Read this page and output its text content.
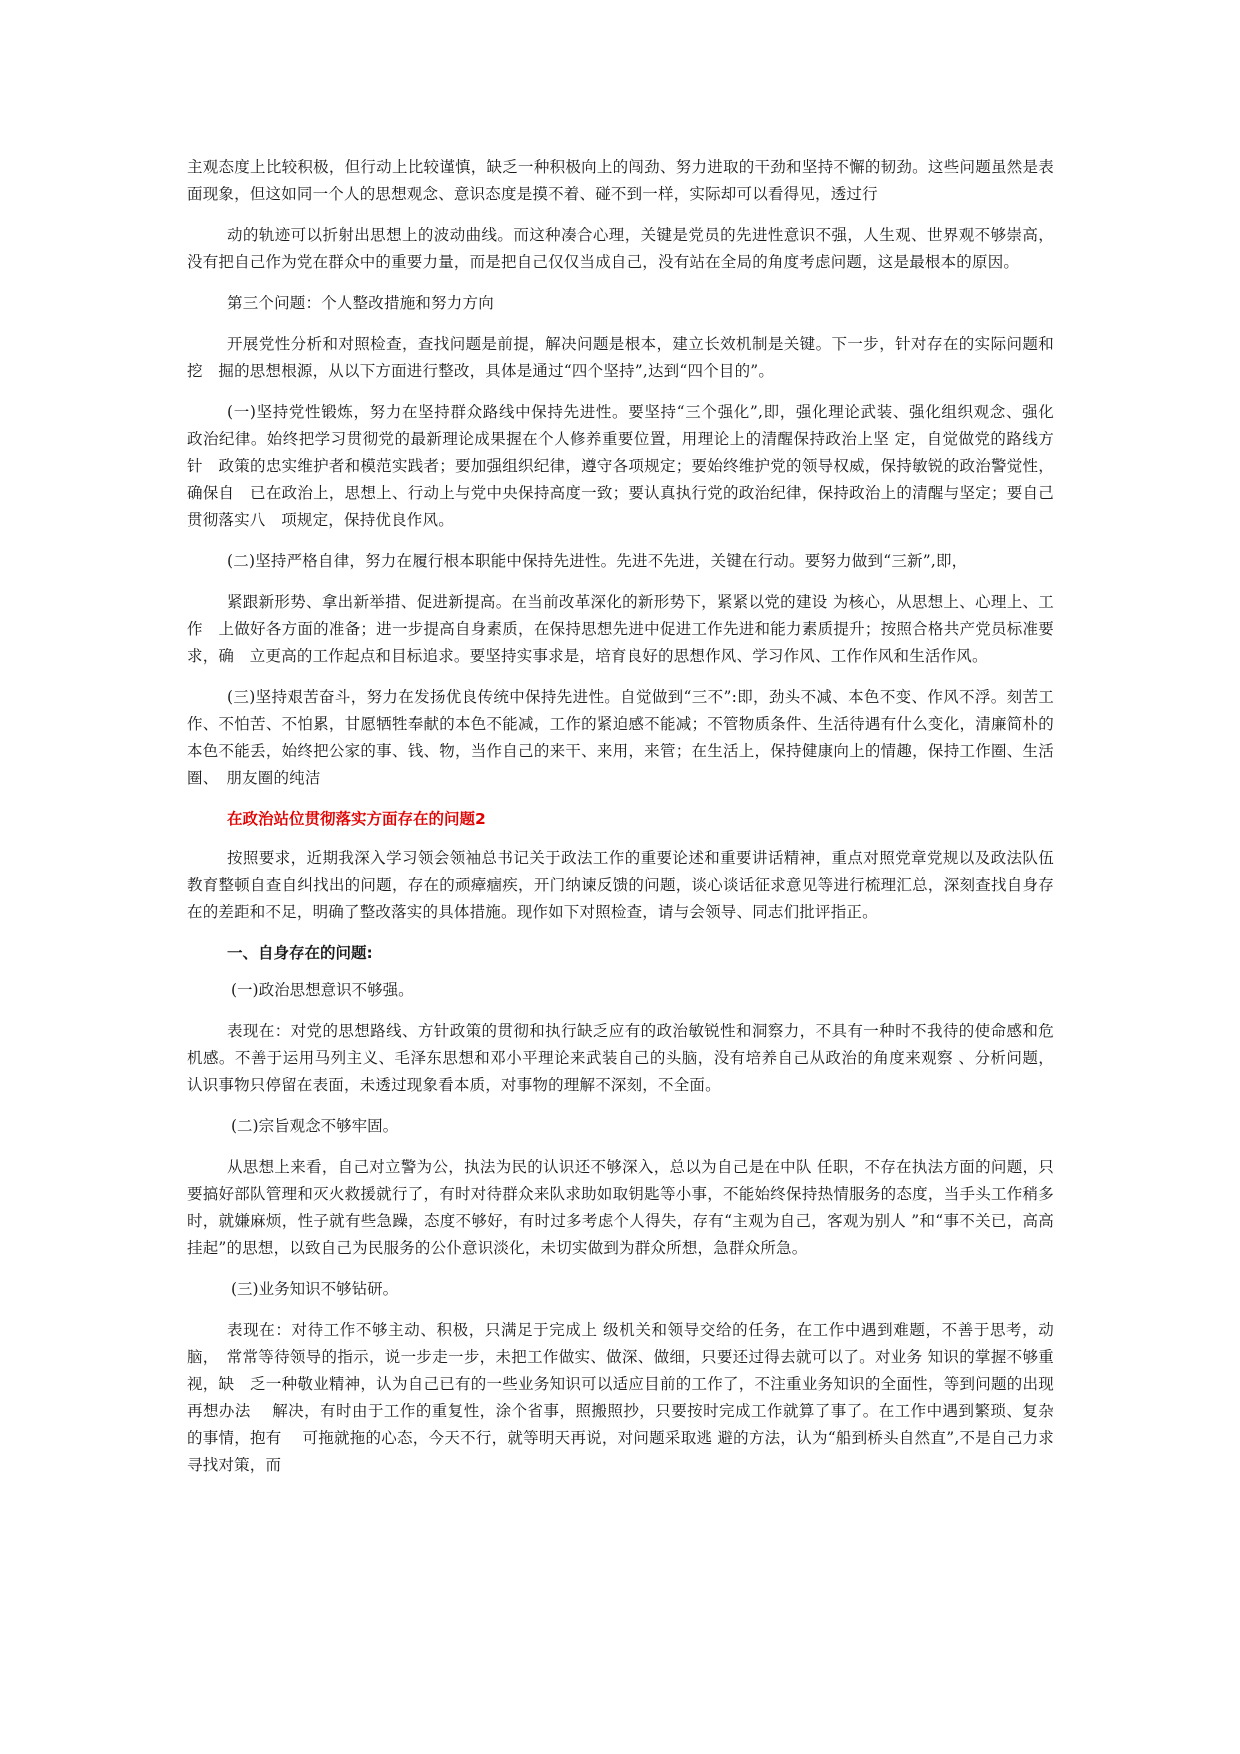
主观态度上比较积极，但行动上比较谨慎，缺乏一种积极向上的闯劲、努力进取的干劲和坚持不懈的韧劲。这些问题虽然是表　面现象，但这如同一个人的思想观念、意识态度是摸不着、碰不到一样，实际却可以看得见，透过行

动的轨迹可以折射出思想上的波动曲线。而这种凑合心理，关键是党员的先进性意识不强，人生观、世界观不够崇高，没有把自己作为党在群众中的重要力量，而是把自己仅仅当成自己，没有站在全局的角度考虑问题，这是最根本的原因。

第三个问题：个人整改措施和努力方向

开展党性分析和对照检查，查找问题是前提，解决问题是根本，建立长效机制是关键。下一步，针对存在的实际问题和挖　掘的思想根源，从以下方面进行整改，具体是通过“四个坚持”,达到“四个目的”。

(一)坚持党性锻炼，努力在坚持群众路线中保持先进性。要坚持“三个强化”,即，强化理论武装、强化组织观念、强化　政治纪律。始终把学习贯彻党的最新理论成果握在个人修养重要位置，用理论上的清醒保持政治上坚 定，自觉做党的路线方针　政策的忠实维护者和模范实践者；要加强组织纪律，遵守各项规定；要始终维护党的领导权威，保持敏锐的政治警觉性，确保自　已在政治上，思想上、行动上与党中央保持高度一致；要认真执行党的政治纪律，保持政治上的清醒与坚定；要自己贯彻落实八　项规定，保持优良作风。

(二)坚持严格自律，努力在履行根本职能中保持先进性。先进不先进，关键在行动。要努力做到“三新”,即，

紧跟新形势、拿出新举措、促进新提高。在当前改革深化的新形势下，紧紧以党的建设 为核心，从思想上、心理上、工作　上做好各方面的准备；进一步提高自身素质，在保持思想先进中促进工作先进和能力素质提升；按照合格共产党员标准要求，确　立更高的工作起点和目标追求。要坚持实事求是，培育良好的思想作风、学习作风、工作作风和生活作风。

(三)坚持艰苦奋斗，努力在发扬优良传统中保持先进性。自觉做到“三不”:即，劲头不减、本色不变、作风不浮。刻苦工作、不怕苦、不怕累，甘愿牺牲奉献的本色不能减，工作的紧迫感不能减；不管物质条件、生活待遇有什么变化，清廉简朴的本色不能丢，始终把公家的事、钱、物，当作自己的来干、来用，来管；在生活上，保持健康向上的情趣，保持工作圈、生活圈、　朋友圈的纯洁

在政治站位贯彻落实方面存在的问题2

按照要求，近期我深入学习领会领袖总书记关于政法工作的重要论述和重要讲话精神，重点对照党章党规以及政法队伍教育整顿自查自纠找出的问题，存在的顽瘴痼疾，开门纳谏反馈的问题，谈心谈话征求意见等进行梳理汇总，深刻查找自身存在的差距和不足，明确了整改落实的具体措施。现作如下对照检查，请与会领导、同志们批评指正。

一、自身存在的问题:

(一)政治思想意识不够强。

表现在：对党的思想路线、方针政策的贯彻和执行缺乏应有的政治敏锐性和洞察力，不具有一种时不我待的使命感和危机感。不善于运用马列主义、毛泽东思想和邓小平理论来武装自己的头脑，没有培养自己从政治的角度来观察 、分析问题，认识事物只停留在表面，未透过现象看本质，对事物的理解不深刻，不全面。

(二)宗旨观念不够牢固。

从思想上来看，自己对立警为公，执法为民的认识还不够深入，总以为自己是在中队 任职，不存在执法方面的问题，只要搞好部队管理和灭火救援就行了，有时对待群众来队求助如取钥匙等小事，不能始终保持热情服务的态度，当手头工作稍多时，就嫌麻烦，性子就有些急躁，态度不够好，有时过多考虑个人得失，存有“主观为自己，客观为别人 ”和“事不关已，高高挂起”的思想，以致自己为民服务的公仆意识淡化，未切实做到为群众所想，急群众所急。

(三)业务知识不够钻研。

表现在：对待工作不够主动、积极，只满足于完成上 级机关和领导交给的任务，在工作中遇到难题，不善于思考，动脑，　常常等待领导的指示，说一步走一步，未把工作做实、做深、做细，只要还过得去就可以了。对业务 知识的掌握不够重视，缺　乏一种敬业精神，认为自己已有的一些业务知识可以适应目前的工作了，不注重业务知识的全面性，等到问题的出现再想办法　 解决，有时由于工作的重复性，涂个省事，照搬照抄，只要按时完成工作就算了事了。在工作中遇到繁琐、复杂的事情，抱有　 可拖就拖的心态，今天不行，就等明天再说，对问题采取逃 避的方法，认为“船到桥头自然直”,不是自己力求寻找对策，而
